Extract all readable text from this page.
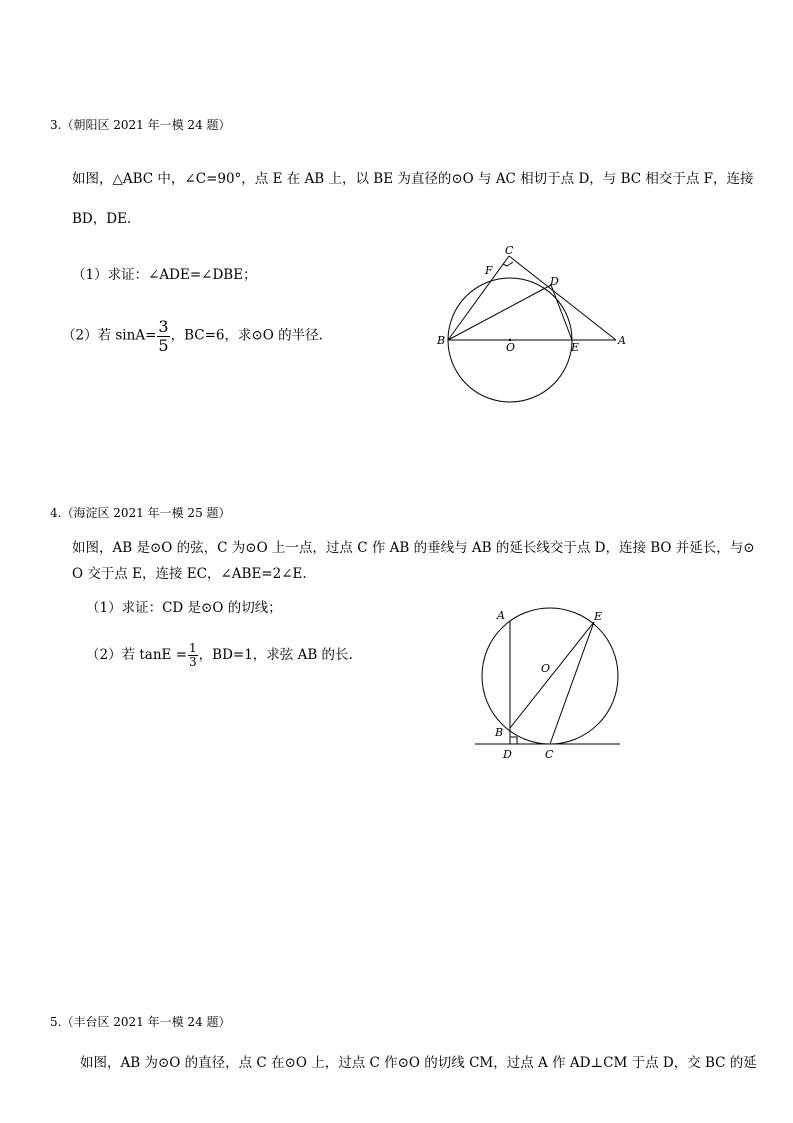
3.（朝阳区 2021 年一模 24 题）
如图，△ABC 中，∠C=90°，点 E 在 AB 上，以 BE 为直径的⊙O 与 AC 相切于点 D，与 BC 相交于点 F，连接
BD，DE.
（1）求证：∠ADE=∠DBE；
（2）若 $\sin A= \frac{3}{5}$ ，BC=6，求⊙O 的半径.
C
F
D
B
O	E
A
4.（海淀区 2021 年一模 25 题）
如图，AB 是⊙O 的弦，C 为⊙O 上一点，过点 C 作 AB 的垂线与 AB 的延长线交于点 D，连接 BO 并延长，与⊙
O 交于点 E，连接 EC，∠ABE=2∠E.
（1）求证：CD 是⊙O 的切线；
（2）若 $\tan E = \frac{1}{3}$ ，BD=1，求弦 AB 的长.
A	E
O
B
D	C
5.（丰台区 2021 年一模 24 题）
如图，AB 为⊙O 的直径，点 C 在⊙O 上，过点 C 作⊙O 的切线 CM，过点 A 作 AD⊥CM 于点 D，交 BC 的延
